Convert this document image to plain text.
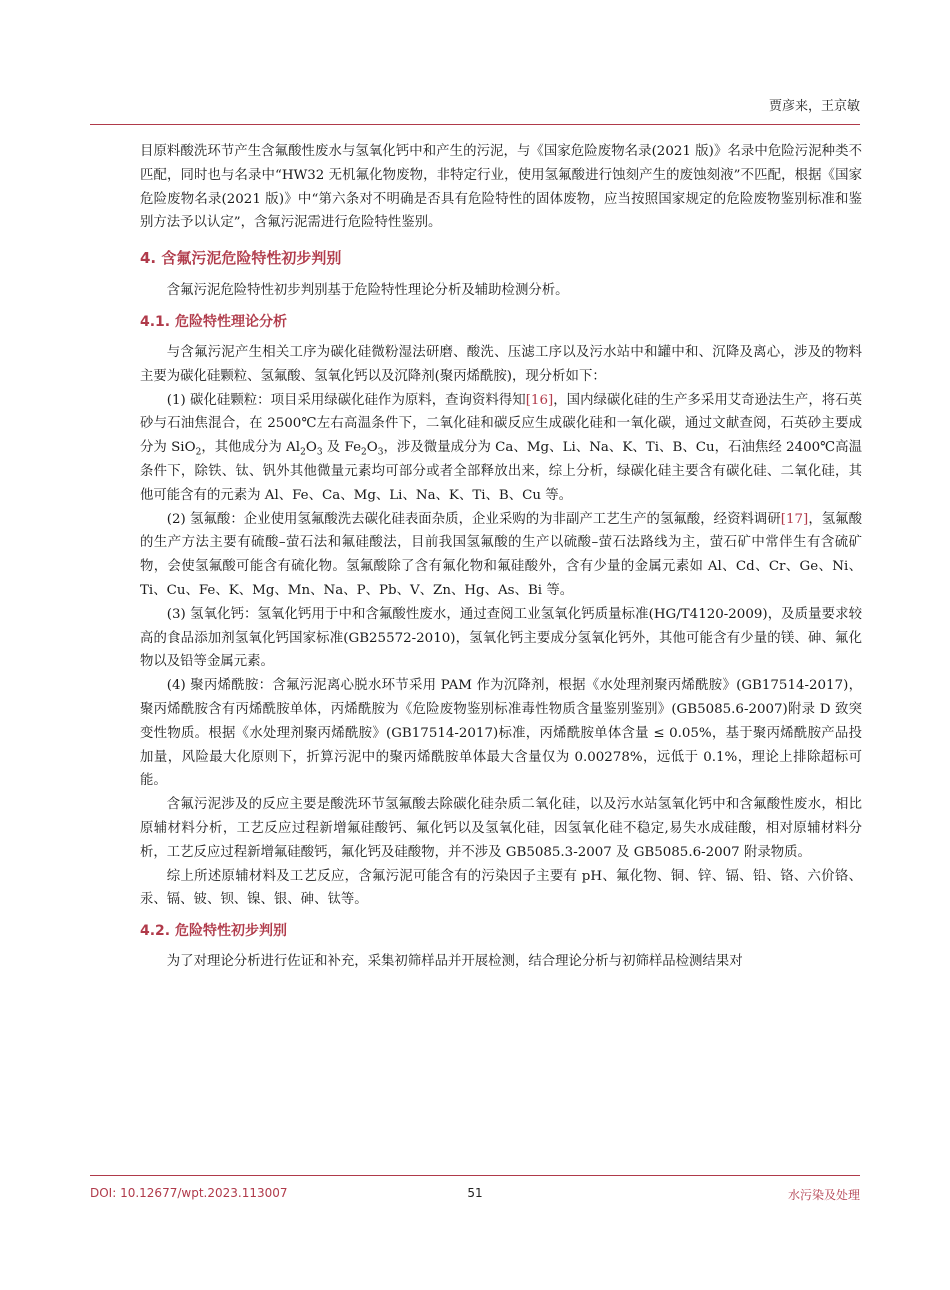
贾彦来，王京敏

目原料酸洗环节产生含氟酸性废水与氢氧化钙中和产生的污泥，与《国家危险废物名录(2021 版)》名录中危险污泥种类不匹配，同时也与名录中“HW32 无机氟化物废物，非特定行业，使用氢氟酸进行蚀刻产生的废蚀刻液”不匹配，根据《国家危险废物名录(2021 版)》中“第六条对不明确是否具有危险特性的固体废物，应当按照国家规定的危险废物鉴别标准和鉴别方法予以认定”，含氟污泥需进行危险特性鉴别。

4. 含氟污泥危险特性初步判别

含氟污泥危险特性初步判别基于危险特性理论分析及辅助检测分析。

4.1. 危险特性理论分析

与含氟污泥产生相关工序为碳化硅微粉湿法研磨、酸洗、压滤工序以及污水站中和罐中和、沉降及离心，涉及的物料主要为碳化硅颗粒、氢氟酸、氢氧化钙以及沉降剂(聚丙烯酰胺)，现分析如下：

(1) 碳化硅颗粒：项目采用绿碳化硅作为原料，查询资料得知[16]，国内绿碳化硅的生产多采用艾奇逊法生产，将石英砂与石油焦混合，在 2500℃左右高温条件下，二氧化硅和碳反应生成碳化硅和一氧化碳，通过文献查阅，石英砂主要成分为 SiO$_2$，其他成分为 $Al_2O_3$ 及 $Fe_2O_3$，涉及微量成分为 Ca、Mg、Li、Na、K、Ti、B、Cu，石油焦经 2400℃高温条件下，除铁、钛、钒外其他微量元素均可部分或者全部释放出来，综上分析，绿碳化硅主要含有碳化硅、二氧化硅，其他可能含有的元素为 Al、Fe、Ca、Mg、Li、Na、K、Ti、B、Cu 等。

(2) 氢氟酸：企业使用氢氟酸洗去碳化硅表面杂质，企业采购的为非副产工艺生产的氢氟酸，经资料调研[17]，氢氟酸的生产方法主要有硫酸–萤石法和氟硅酸法，目前我国氢氟酸的生产以硫酸–萤石法路线为主，萤石矿中常伴生有含硫矿物，会使氢氟酸可能含有硫化物。氢氟酸除了含有氟化物和氟硅酸外，含有少量的金属元素如 Al、Cd、Cr、Ge、Ni、Ti、Cu、Fe、K、Mg、Mn、Na、P、Pb、V、Zn、Hg、As、Bi 等。

(3) 氢氧化钙：氢氧化钙用于中和含氟酸性废水，通过查阅工业氢氧化钙质量标准(HG/T4120-2009)，及质量要求较高的食品添加剂氢氧化钙国家标准(GB25572-2010)，氢氧化钙主要成分氢氧化钙外，其他可能含有少量的镁、砷、氟化物以及铅等金属元素。

(4) 聚丙烯酰胺：含氟污泥离心脱水环节采用 PAM 作为沉降剂，根据《水处理剂聚丙烯酰胺》(GB17514-2017)，聚丙烯酰胺含有丙烯酰胺单体，丙烯酰胺为《危险废物鉴别标准毒性物质含量鉴别鉴别》(GB5085.6-2007)附录 D 致突变性物质。根据《水处理剂聚丙烯酰胺》(GB17514-2017)标准，丙烯酰胺单体含量 ≤ 0.05%，基于聚丙烯酰胺产品投加量，风险最大化原则下，折算污泥中的聚丙烯酰胺单体最大含量仅为 0.00278%，远低于 0.1%，理论上排除超标可能。

含氟污泥涉及的反应主要是酸洗环节氢氟酸去除碳化硅杂质二氧化硅，以及污水站氢氧化钙中和含氟酸性废水，相比原辅材料分析，工艺反应过程新增氟硅酸钙、氟化钙以及氢氧化硅，因氢氧化硅不稳定,易失水成硅酸，相对原辅材料分析，工艺反应过程新增氟硅酸钙，氟化钙及硅酸物，并不涉及 GB5085.3-2007 及 GB5085.6-2007 附录物质。

综上所述原辅材料及工艺反应，含氟污泥可能含有的污染因子主要有 pH、氟化物、铜、锌、镉、铅、铬、六价铬、汞、镉、铍、钡、镍、银、砷、钛等。

4.2. 危险特性初步判别

为了对理论分析进行佐证和补充，采集初筛样品并开展检测，结合理论分析与初筛样品检测结果对

DOI: 10.12677/wpt.2023.113007	51	水污染及处理
